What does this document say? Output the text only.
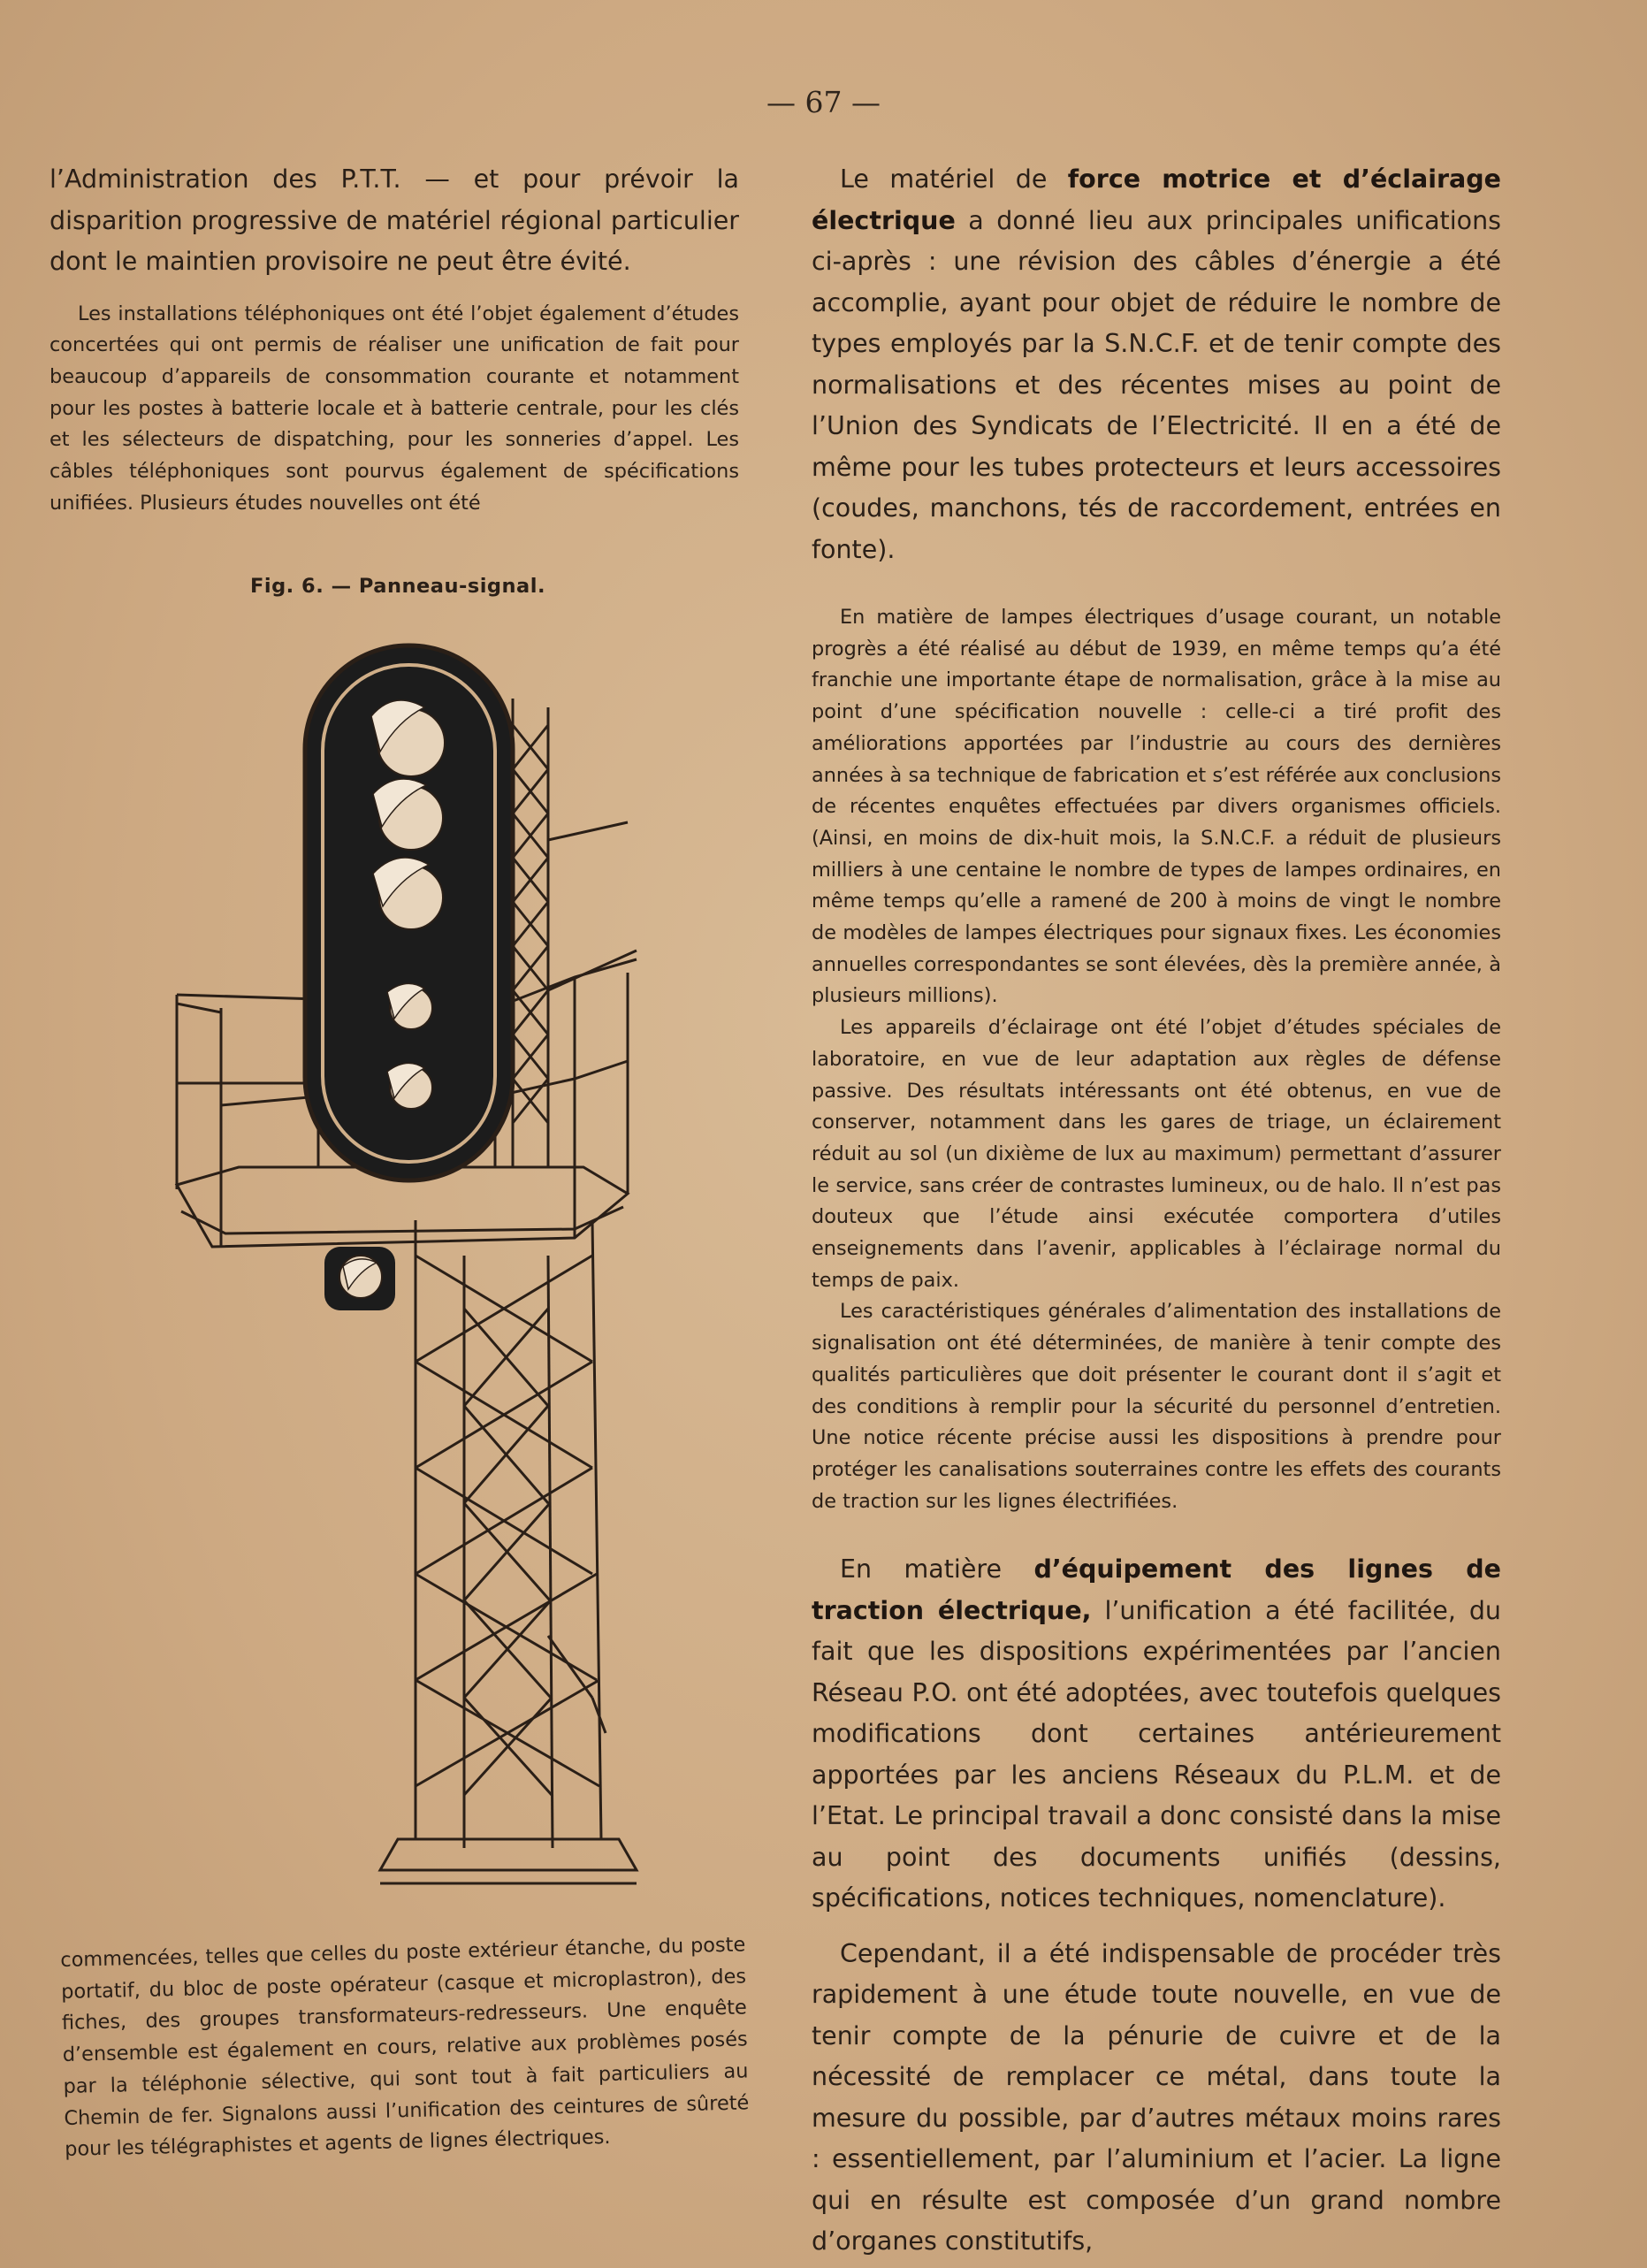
— 67 —

l’Administration des P.T.T. — et pour prévoir la disparition progressive de matériel régional particulier dont le maintien provisoire ne peut être évité.

Les installations téléphoniques ont été l’objet également d’études concertées qui ont permis de réaliser une unification de fait pour beaucoup d’appareils de consommation courante et notamment pour les postes à batterie locale et à batterie centrale, pour les clés et les sélecteurs de dispatching, pour les sonneries d’appel. Les câbles téléphoniques sont pourvus également de spécifications unifiées. Plusieurs études nouvelles ont été

Fig. 6. — Panneau-signal.

commencées, telles que celles du poste extérieur étanche, du poste portatif, du bloc de poste opérateur (casque et microplastron), des fiches, des groupes transformateurs-redresseurs. Une enquête d’ensemble est également en cours, relative aux problèmes posés par la téléphonie sélective, qui sont tout à fait particuliers au Chemin de fer. Signalons aussi l’unification des ceintures de sûreté pour les télégraphistes et agents de lignes électriques.

Le matériel de force motrice et d’éclairage électrique a donné lieu aux principales unifications ci-après : une révision des câbles d’énergie a été accomplie, ayant pour objet de réduire le nombre de types employés par la S.N.C.F. et de tenir compte des normalisations et des récentes mises au point de l’Union des Syndicats de l’Electricité. Il en a été de même pour les tubes protecteurs et leurs accessoires (coudes, manchons, tés de raccordement, entrées en fonte).

En matière de lampes électriques d’usage courant, un notable progrès a été réalisé au début de 1939, en même temps qu’a été franchie une importante étape de normalisation, grâce à la mise au point d’une spécification nouvelle : celle-ci a tiré profit des améliorations apportées par l’industrie au cours des dernières années à sa technique de fabrication et s’est référée aux conclusions de récentes enquêtes effectuées par divers organismes officiels. (Ainsi, en moins de dix-huit mois, la S.N.C.F. a réduit de plusieurs milliers à une centaine le nombre de types de lampes ordinaires, en même temps qu’elle a ramené de 200 à moins de vingt le nombre de modèles de lampes électriques pour signaux fixes. Les économies annuelles correspondantes se sont élevées, dès la première année, à plusieurs millions).

Les appareils d’éclairage ont été l’objet d’études spéciales de laboratoire, en vue de leur adaptation aux règles de défense passive. Des résultats intéressants ont été obtenus, en vue de conserver, notamment dans les gares de triage, un éclairement réduit au sol (un dixième de lux au maximum) permettant d’assurer le service, sans créer de contrastes lumineux, ou de halo. Il n’est pas douteux que l’étude ainsi exécutée comportera d’utiles enseignements dans l’avenir, applicables à l’éclairage normal du temps de paix.

Les caractéristiques générales d’alimentation des installations de signalisation ont été déterminées, de manière à tenir compte des qualités particulières que doit présenter le courant dont il s’agit et des conditions à remplir pour la sécurité du personnel d’entretien. Une notice récente précise aussi les dispositions à prendre pour protéger les canalisations souterraines contre les effets des courants de traction sur les lignes électrifiées.

En matière d’équipement des lignes de traction électrique, l’unification a été facilitée, du fait que les dispositions expérimentées par l’ancien Réseau P.O. ont été adoptées, avec toutefois quelques modifications dont certaines antérieurement apportées par les anciens Réseaux du P.L.M. et de l’Etat. Le principal travail a donc consisté dans la mise au point des documents unifiés (dessins, spécifications, notices techniques, nomenclature).

Cependant, il a été indispensable de procéder très rapidement à une étude toute nouvelle, en vue de tenir compte de la pénurie de cuivre et de la nécessité de remplacer ce métal, dans toute la mesure du possible, par d’autres métaux moins rares : essentiellement, par l’aluminium et l’acier. La ligne qui en résulte est composée d’un grand nombre d’organes constitutifs,
